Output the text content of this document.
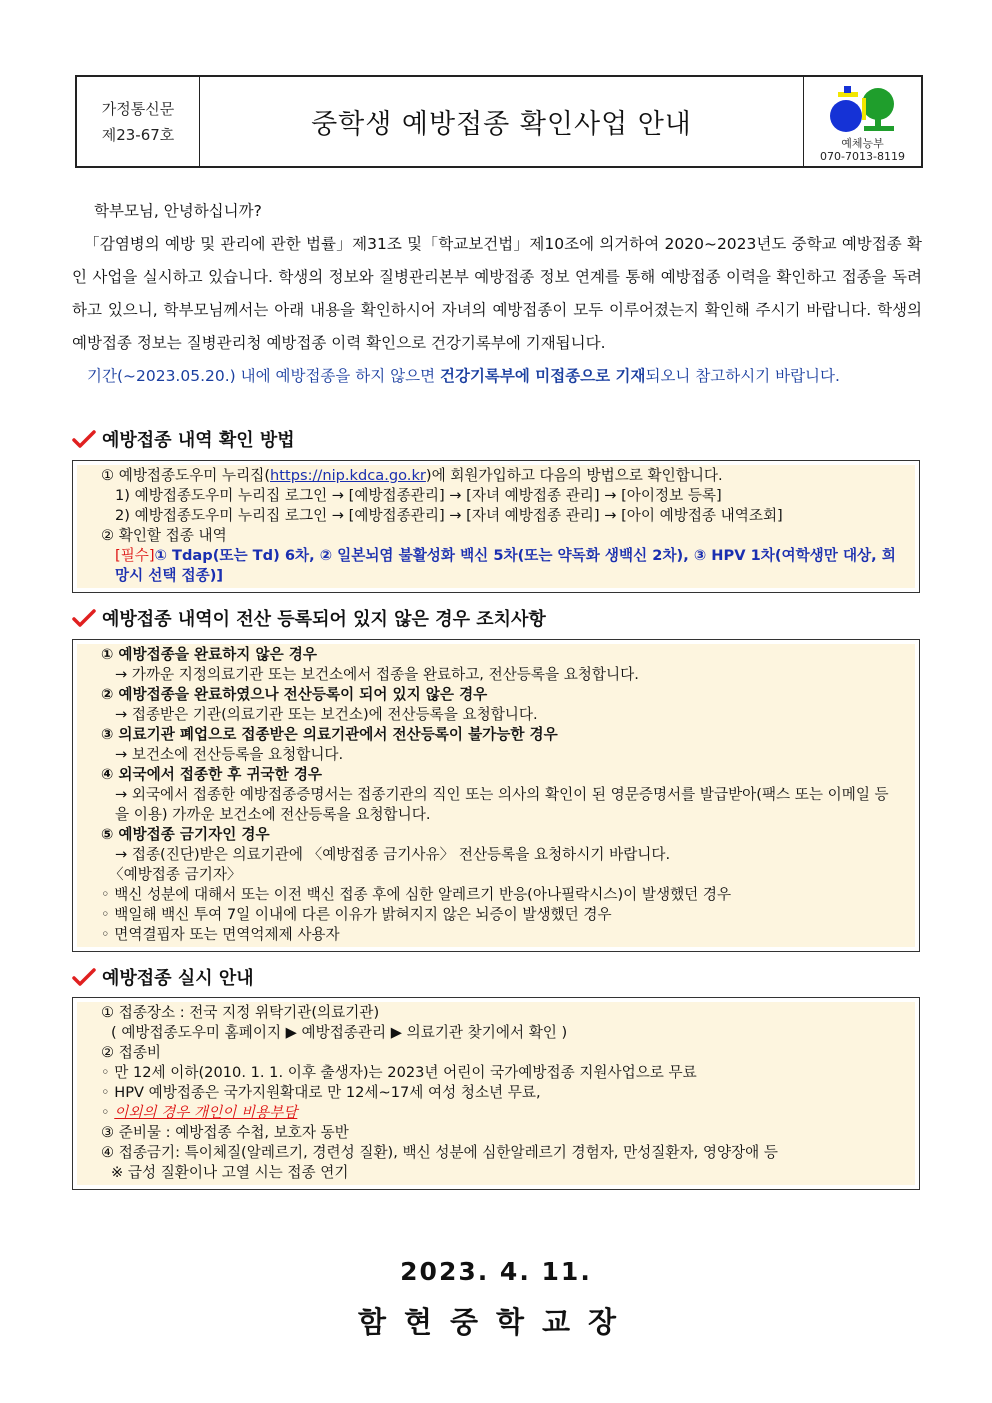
가정통신문
제23-67호	중학생 예방접종 확인사업 안내
예체능부
070-7013-8119

학부모님, 안녕하십니까?

「감염병의 예방 및 관리에 관한 법률」제31조 및「학교보건법」제10조에 의거하여 2020~2023년도 중학교 예방접종 확인 사업을 실시하고 있습니다. 학생의 정보와 질병관리본부 예방접종 정보 연계를 통해 예방접종 이력을 확인하고 접종을 독려하고 있으니, 학부모님께서는 아래 내용을 확인하시어 자녀의 예방접종이 모두 이루어졌는지 확인해 주시기 바랍니다. 학생의 예방접종 정보는 질병관리청 예방접종 이력 확인으로 건강기록부에 기재됩니다.

기간(~2023.05.20.) 내에 예방접종을 하지 않으면 건강기록부에 미접종으로 기재되오니 참고하시기 바랍니다.

예방접종 내역 확인 방법
① 예방접종도우미 누리집(https://nip.kdca.go.kr)에 회원가입하고 다음의 방법으로 확인합니다.
1) 예방접종도우미 누리집 로그인 → [예방접종관리] → [자녀 예방접종 관리] → [아이정보 등록]
2) 예방접종도우미 누리집 로그인 → [예방접종관리] → [자녀 예방접종 관리] → [아이 예방접종 내역조회]
② 확인할 접종 내역
[필수]① Tdap(또는 Td) 6차, ② 일본뇌염 불활성화 백신 5차(또는 약독화 생백신 2차), ③ HPV 1차(여학생만 대상, 희망시 선택 접종)]
예방접종 내역이 전산 등록되어 있지 않은 경우 조치사항
① 예방접종을 완료하지 않은 경우
→ 가까운 지정의료기관 또는 보건소에서 접종을 완료하고, 전산등록을 요청합니다.
② 예방접종을 완료하였으나 전산등록이 되어 있지 않은 경우
→ 접종받은 기관(의료기관 또는 보건소)에 전산등록을 요청합니다.
③ 의료기관 폐업으로 접종받은 의료기관에서 전산등록이 불가능한 경우
→ 보건소에 전산등록을 요청합니다.
④ 외국에서 접종한 후 귀국한 경우
→ 외국에서 접종한 예방접종증명서는 접종기관의 직인 또는 의사의 확인이 된 영문증명서를 발급받아(팩스 또는 이메일 등을 이용) 가까운 보건소에 전산등록을 요청합니다.
⑤ 예방접종 금기자인 경우
→ 접종(진단)받은 의료기관에 〈예방접종 금기사유〉 전산등록을 요청하시기 바랍니다.
〈예방접종 금기자〉
◦ 백신 성분에 대해서 또는 이전 백신 접종 후에 심한 알레르기 반응(아나필락시스)이 발생했던 경우
◦ 백일해 백신 투여 7일 이내에 다른 이유가 밝혀지지 않은 뇌증이 발생했던 경우
◦ 면역결핍자 또는 면역억제제 사용자
예방접종 실시 안내
① 접종장소 : 전국 지정 위탁기관(의료기관)
( 예방접종도우미 홈페이지 ▶ 예방접종관리 ▶ 의료기관 찾기에서 확인 )
② 접종비
◦ 만 12세 이하(2010. 1. 1. 이후 출생자)는 2023년 어린이 국가예방접종 지원사업으로 무료
◦ HPV 예방접종은 국가지원확대로 만 12세~17세 여성 청소년 무료,
◦ 이외의 경우 개인이 비용부담
③ 준비물 : 예방접종 수첩, 보호자 동반
④ 접종금기: 특이체질(알레르기, 경련성 질환), 백신 성분에 심한알레르기 경험자, 만성질환자, 영양장애 등
※ 급성 질환이나 고열 시는 접종 연기
2023. 4. 11.
함현중학교장
